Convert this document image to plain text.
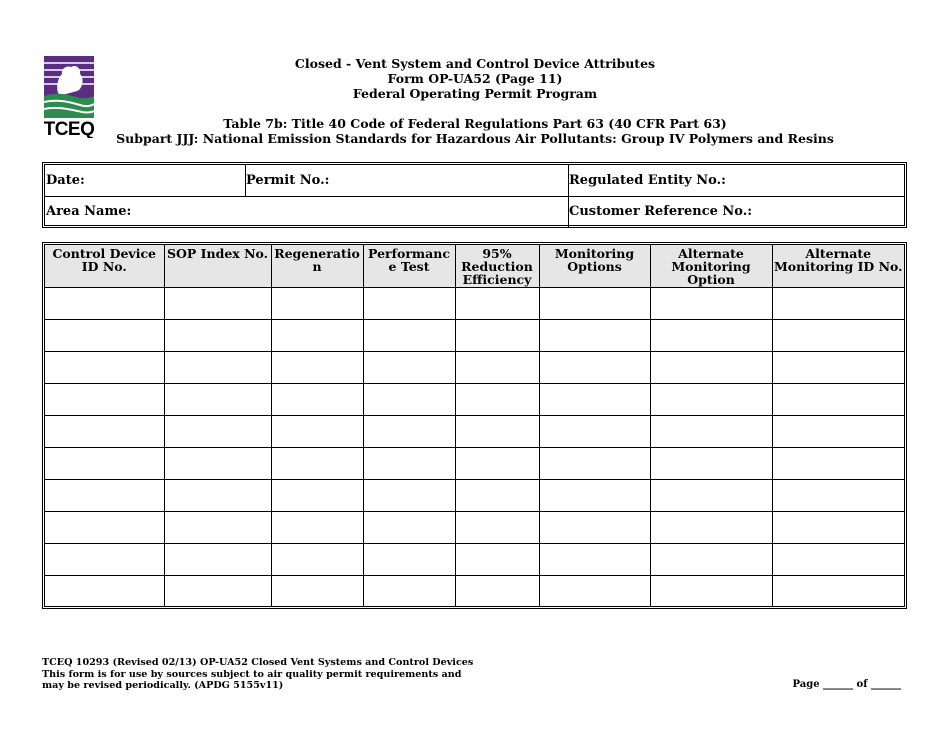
TCEQ
Closed - Vent System and Control Device Attributes
Form OP-UA52 (Page 11)
Federal Operating Permit Program
Table 7b: Title 40 Code of Federal Regulations Part 63 (40 CFR Part 63)
Subpart JJJ: National Emission Standards for Hazardous Air Pollutants: Group IV Polymers and Resins
Date:	Permit No.:	Regulated Entity No.:
Area Name:	Customer Reference No.:
Control Device ID No.	SOP Index No.	Regeneration	Performance Test	95% Reduction Efficiency	Monitoring Options	Alternate Monitoring Option	Alternate Monitoring ID No.

TCEQ 10293 (Revised 02/13) OP-UA52 Closed Vent Systems and Control Devices
This form is for use by sources subject to air quality permit requirements and
may be revised periodically. (APDG 5155v11)	Page ______ of ______
